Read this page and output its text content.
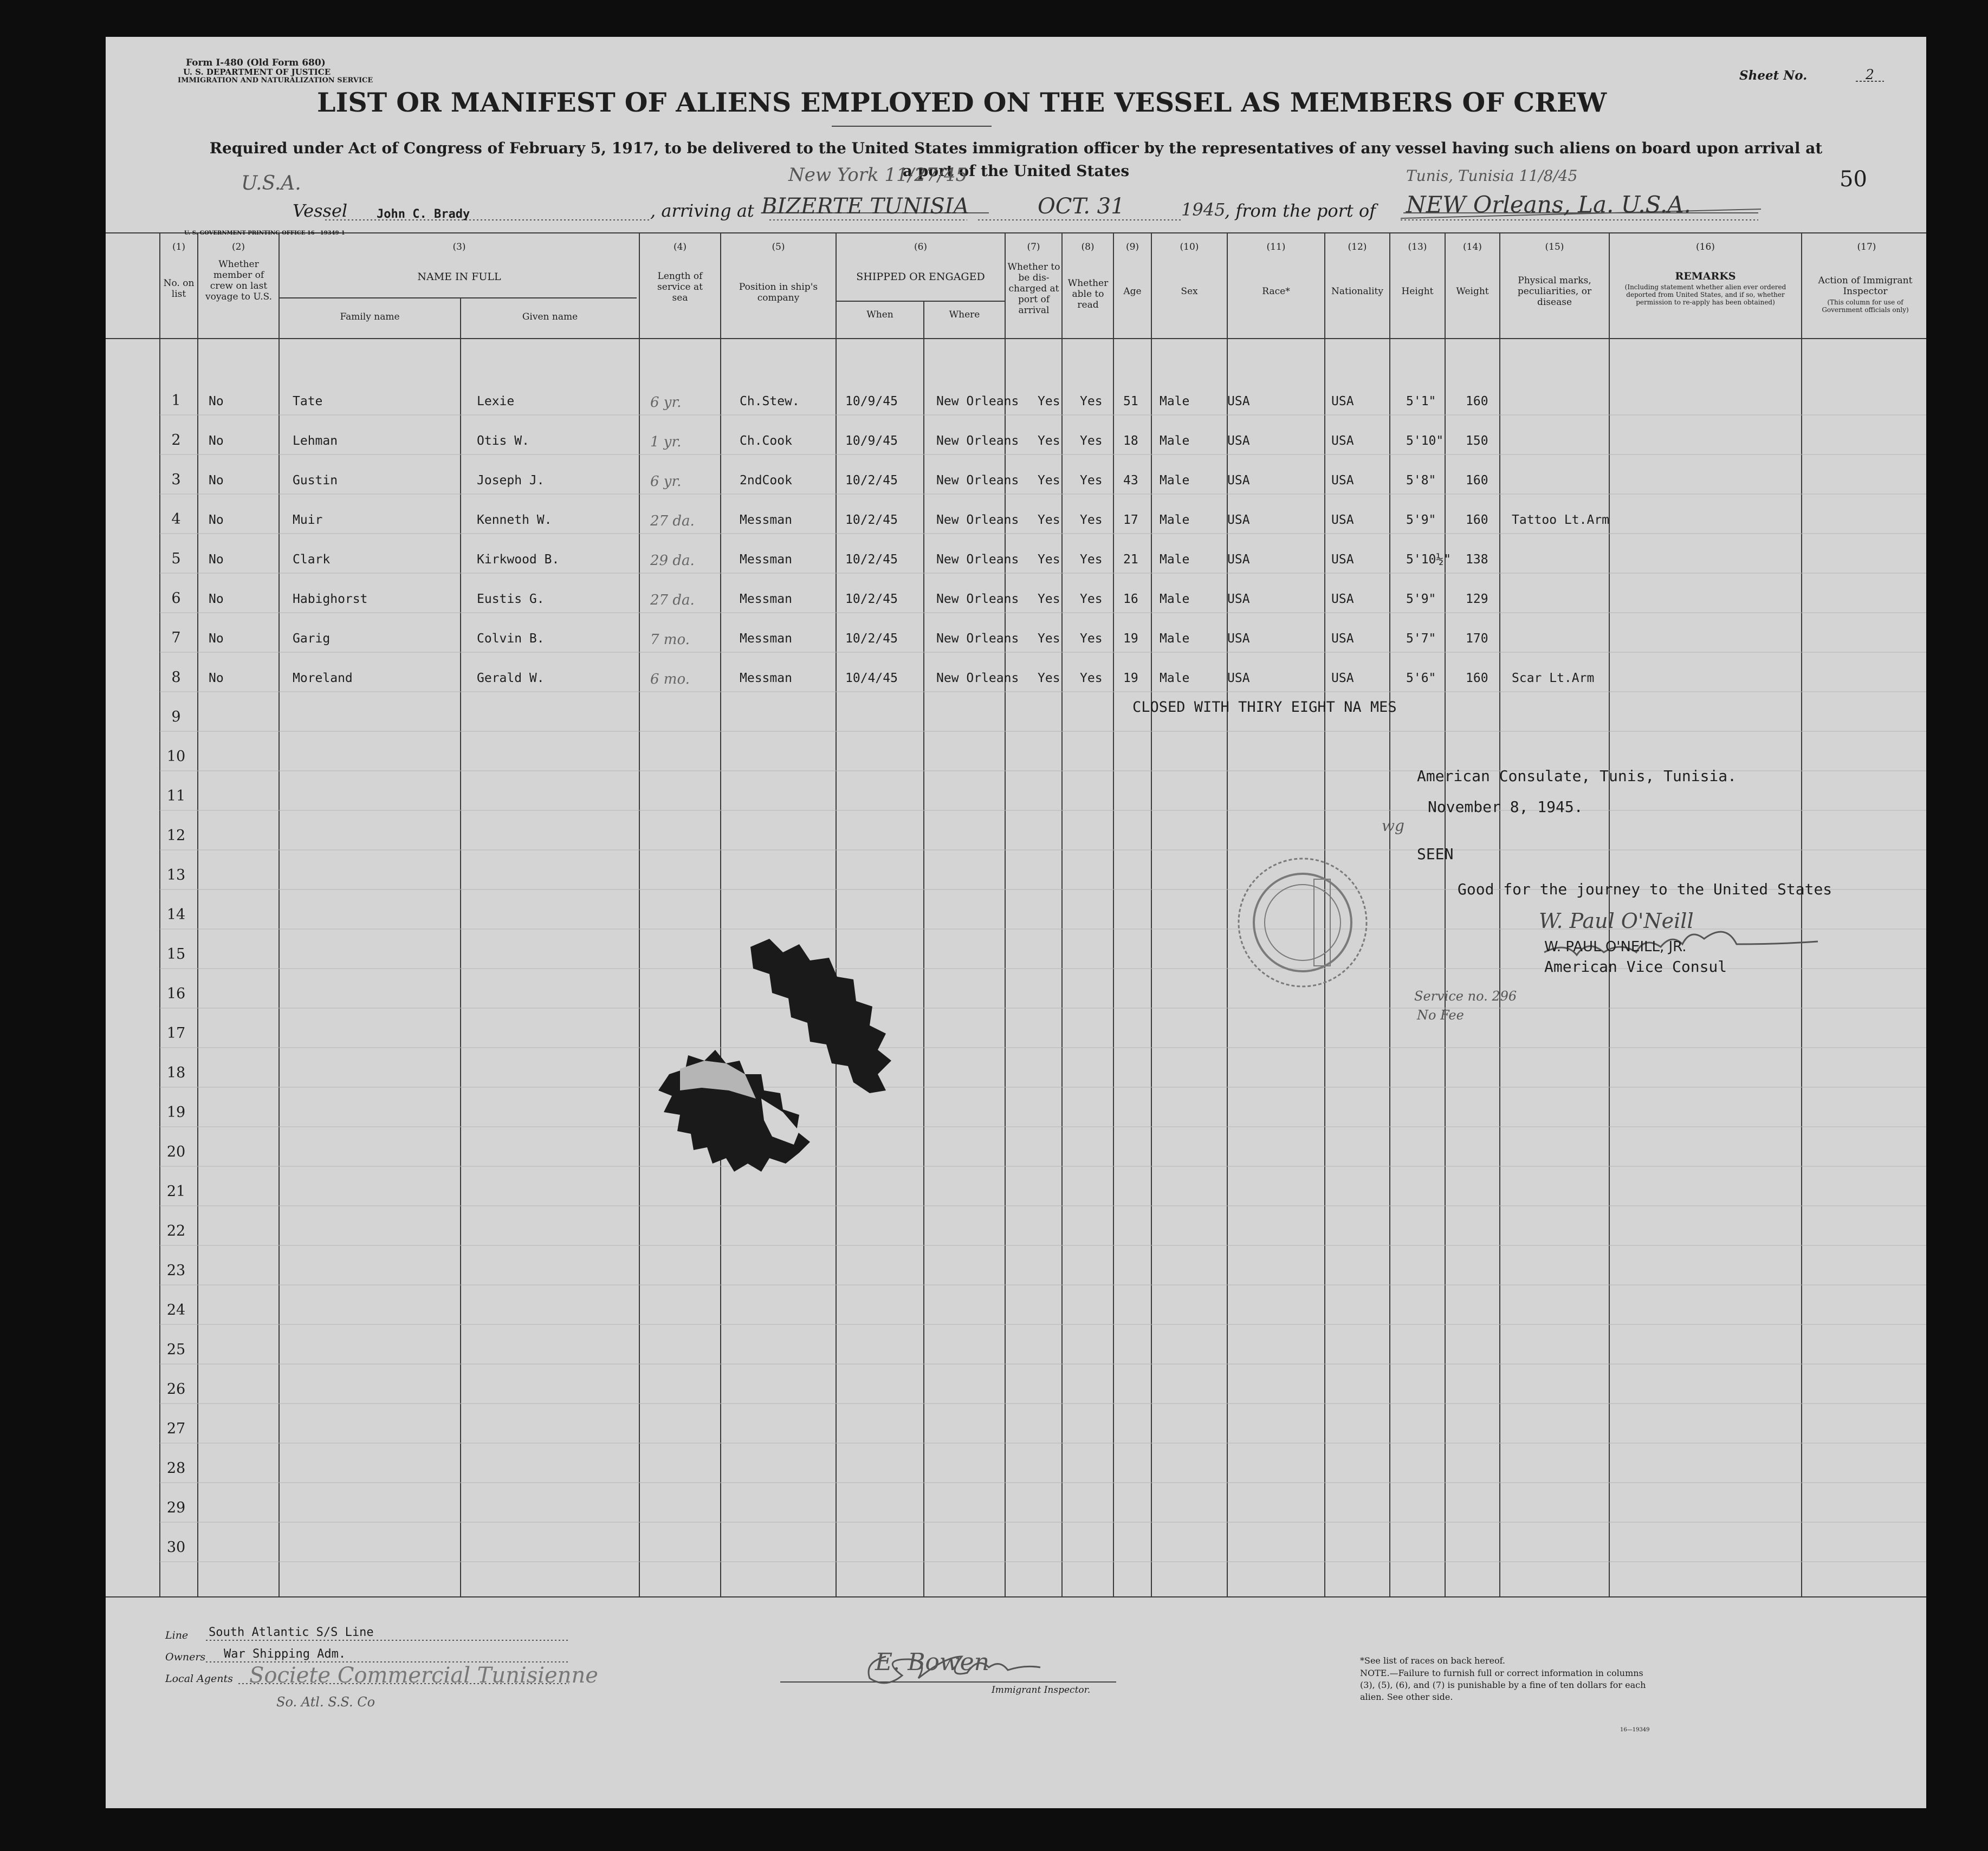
Form I-480 (Old Form 680)
U. S. DEPARTMENT OF JUSTICE
IMMIGRATION AND NATURALIZATION SERVICE
U. S. GOVERNMENT PRINTING OFFICE 16—19349-1
Sheet No.	2
50
LIST OR MANIFEST OF ALIENS EMPLOYED ON THE VESSEL AS MEMBERS OF CREW
Required under Act of Congress of February 5, 1917, to be delivered to the United States immigration officer by the representatives of any vessel having such aliens on board upon arrival at a port of the United States
U.S.A.
Vessel John C. Brady	, arriving at
New York 11/27/45
BIZERTE TUNISIA	OCT. 31	1945
, from the port of
Tunis, Tunisia 11/8/45
NEW Orleans, La. U.S.A.
(1)
No. on list
(2)
Whether member of crew on last voyage to U.S.
(3)
NAME IN FULL
Family name	Given name
(4)
Length of service at sea
(5)
Position in ship's company
(6)
SHIPPED OR ENGAGED
When	Where
(7)
Whether to be dis-charged at port of arrival
(8)
Whether able to read
(9)
Age
(10)
Sex
(11)
Race*
(12)
Nationality
(13)
Height
(14)
Weight
(15)
Physical marks, peculiarities, or disease
(16)
REMARKS
(Including statement whether alien ever ordered deported from United States, and if so, whether permission to re-apply has been obtained)
(17)
Action of Immigrant Inspector
(This column for use of Government officials only)
1	No	Tate	Lexie	6 yr.	Ch.Stew.	10/9/45	New Orleans Yes Yes 51 Male	USA	USA	5'1" 160
2	No	Lehman	Otis W.	1 yr.	Ch.Cook	10/9/45	New Orleans Yes Yes 18 Male	USA	USA	5'10" 150
3	No	Gustin	Joseph J.	6 yr.	2ndCook	10/2/45	New Orleans Yes Yes 43 Male	USA	USA	5'8" 160
4	No	Muir	Kenneth W.	27 da.	Messman	10/2/45	New Orleans Yes Yes 17 Male	USA	USA	5'9" 160 Tattoo Lt.Arm
5	No	Clark	Kirkwood B.	29 da.	Messman	10/2/45	New Orleans Yes Yes 21 Male	USA	USA	5'10½" 138
6	No	Habighorst	Eustis G.	27 da.	Messman	10/2/45	New Orleans Yes Yes 16 Male	USA	USA	5'9" 129
7	No	Garig	Colvin B.	7 mo.	Messman	10/2/45	New Orleans Yes Yes 19 Male	USA	USA	5'7" 170
8	No	Moreland	Gerald W.	6 mo.	Messman	10/4/45	New Orleans Yes Yes 19 Male	USA	USA	5'6" 160 Scar Lt.Arm
9
10
11
12
13
14
15
16
17
18
19
20
21
22
23
24
25
26
27
28
29
30
CLOSED WITH THIRY EIGHT NA MES
American Consulate, Tunis, Tunisia.
November 8, 1945.
wg
SEEN
Good for the journey to the United States
W. Paul O'Neill
W. PAUL O'NEILL, JR.
American Vice Consul
Service no. 296
No Fee
Line South Atlantic S/S Line
Owners War Shipping Adm.
Local Agents Societe Commercial Tunisienne
So. Atl. S.S. Co
E. Bowen
Immigrant Inspector.
*See list of races on back hereof.
NOTE.—Failure to furnish full or correct information in columns (3), (5), (6), and (7) is punishable by a fine of ten dollars for each alien. See other side.
16—19349
